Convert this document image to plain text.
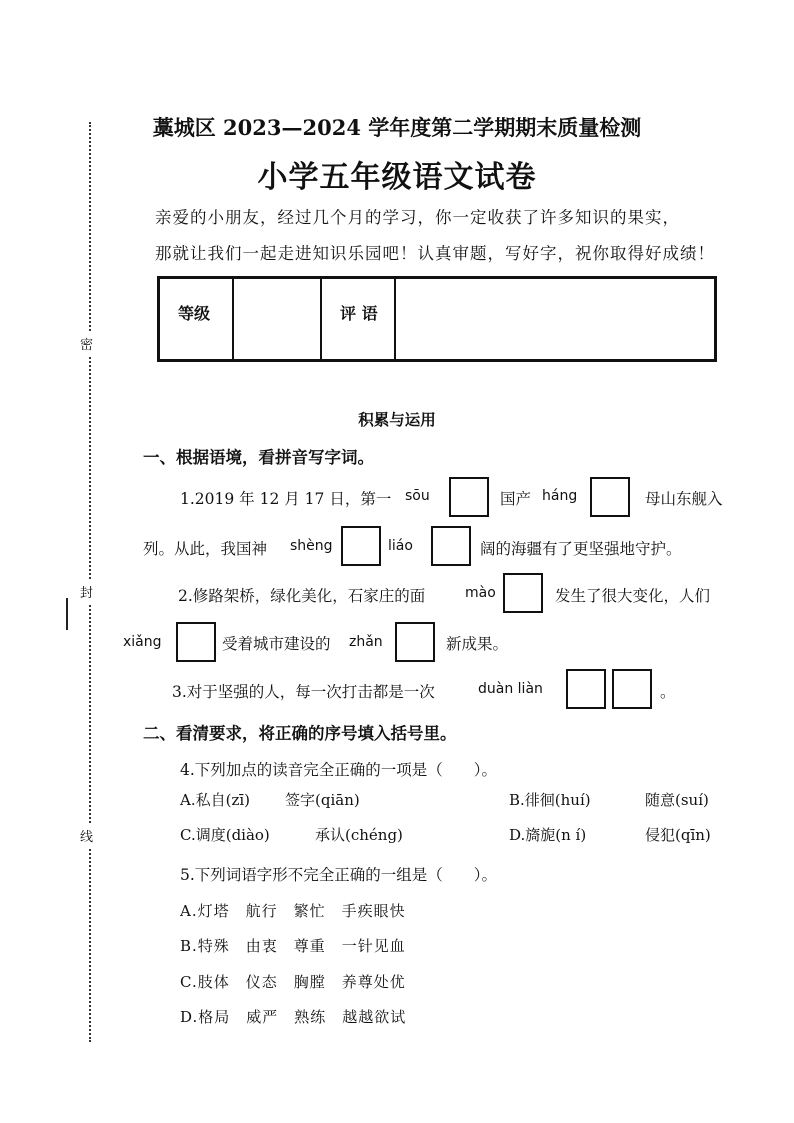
密
封
线
藁城区 2023—2024 学年度第二学期期末质量检测
小学五年级语文试卷
亲爱的小朋友，经过几个月的学习，你一定收获了许多知识的果实，
那就让我们一起走进知识乐园吧！认真审题，写好字，祝你取得好成绩！
等级		评 语	
积累与运用
一、根据语境，看拼音写字词。
1.2019 年 12 月 17 日，第一 sōu	国产 háng	母山东舰入
列。从此，我国神 shèng	liáo	阔的海疆有了更坚强地守护。
2.修路架桥，绿化美化，石家庄的面	mào	发生了很大变化，人们
xiǎng	受着城市建设的 zhǎn	新成果。
3.对于坚强的人，每一次打击都是一次	duàn liàn	。
二、看清要求，将正确的序号填入括号里。
4.下列加点的读音完全正确的一项是（　　）。
A.私自(zī) 签字(qiān)	B.徘徊(huí)	随意(suí)
C.调度(diào)	承认(chéng)	D.旖旎(n í)	侵犯(qīn)
5.下列词语字形不完全正确的一组是（　　）。
A.灯塔　航行　繁忙　手疾眼快
B.特殊　由衷　尊重　一针见血
C.肢体　仪态　胸膛　养尊处优
D.格局　威严　熟练　越越欲试
